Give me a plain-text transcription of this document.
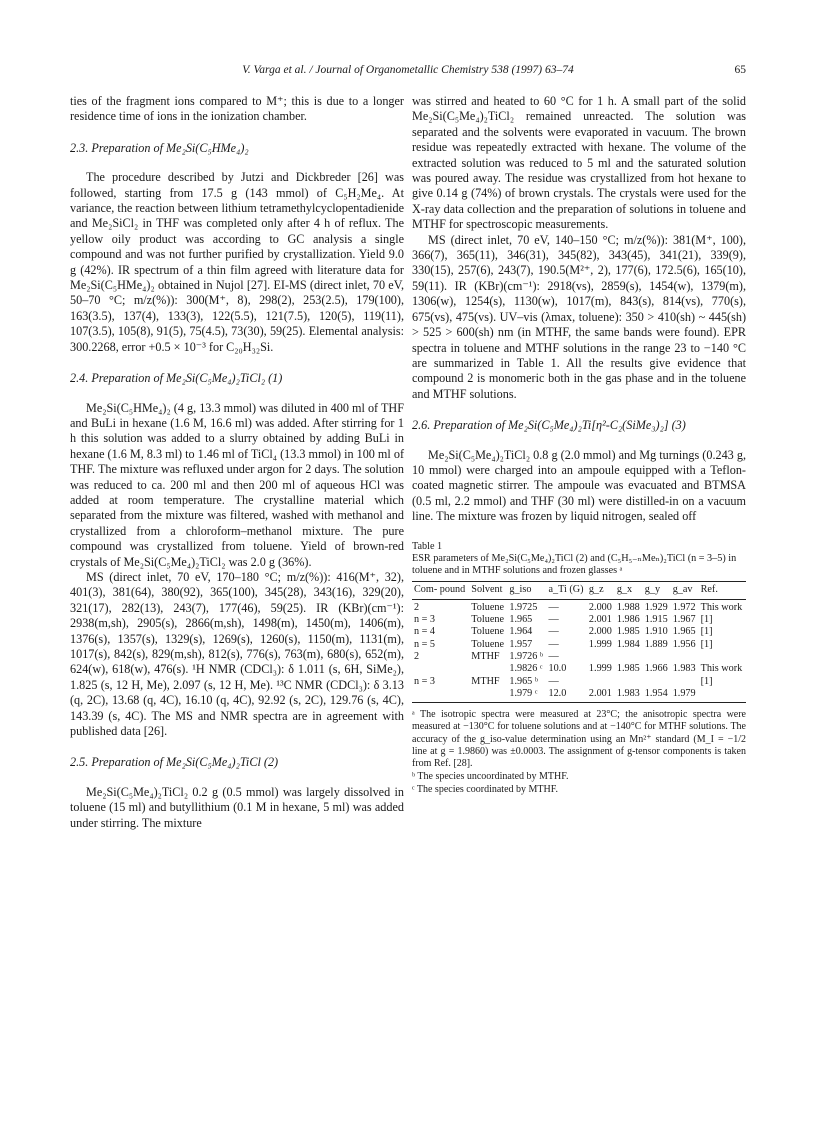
V. Varga et al. / Journal of Organometallic Chemistry 538 (1997) 63–74	65

ties of the fragment ions compared to M⁺; this is due to a longer residence time of ions in the ionization chamber.

2.3. Preparation of Me₂Si(C₅HMe₄)₂

The procedure described by Jutzi and Dickbreder [26] was followed, starting from 17.5 g (143 mmol) of C₅H₂Me₄. At variance, the reaction between lithium tetramethylcyclopentadienide and Me₂SiCl₂ in THF was completed only after 4 h of reflux. The yellow oily product was according to GC analysis a single compound and was not further purified by crystallization. Yield 9.0 g (42%). IR spectrum of a thin film agreed with literature data for Me₂Si(C₅HMe₄)₂ obtained in Nujol [27]. EI-MS (direct inlet, 70 eV, 50–70 °C; m/z(%)): 300(M⁺, 8), 298(2), 253(2.5), 179(100), 163(3.5), 137(4), 133(3), 122(5.5), 121(7.5), 120(5), 119(11), 107(3.5), 105(8), 91(5), 75(4.5), 73(30), 59(25). Elemental analysis: 300.2268, error +0.5 × 10⁻³ for C₂₀H₃₂Si.

2.4. Preparation of Me₂Si(C₅Me₄)₂TiCl₂ (1)

Me₂Si(C₅HMe₄)₂ (4 g, 13.3 mmol) was diluted in 400 ml of THF and BuLi in hexane (1.6 M, 16.6 ml) was added. After stirring for 1 h this solution was added to a slurry obtained by adding BuLi in hexane (1.6 M, 8.3 ml) to 1.46 ml of TiCl₄ (13.3 mmol) in 100 ml of THF. The mixture was refluxed under argon for 2 days. The solution was reduced to ca. 200 ml and then 200 ml of aqueous HCl was added at room temperature. The crystalline material which separated from the mixture was filtered, washed with methanol and crystallized from a chloroform–methanol mixture. The pure compound was crystallized from toluene. Yield of brown-red crystals of Me₂Si(C₅Me₄)₂TiCl₂ was 2.0 g (36%).

MS (direct inlet, 70 eV, 170–180 °C; m/z(%)): 416(M⁺, 32), 401(3), 381(64), 380(92), 365(100), 345(28), 343(16), 329(20), 321(17), 282(13), 243(7), 177(46), 59(25). IR (KBr)(cm⁻¹): 2938(m,sh), 2905(s), 2866(m,sh), 1498(m), 1450(m), 1406(m), 1376(s), 1357(s), 1329(s), 1269(s), 1260(s), 1150(m), 1131(m), 1017(s), 842(s), 829(m,sh), 812(s), 776(s), 763(m), 680(s), 652(m), 624(w), 618(w), 476(s). ¹H NMR (CDCl₃): δ 1.011 (s, 6H, SiMe₂), 1.825 (s, 12 H, Me), 2.097 (s, 12 H, Me). ¹³C NMR (CDCl₃): δ 3.13 (q, 2C), 13.68 (q, 4C), 16.10 (q, 4C), 92.92 (s, 2C), 129.76 (s, 4C), 143.39 (s, 4C). The MS and NMR spectra are in agreement with published data [26].

2.5. Preparation of Me₂Si(C₅Me₄)₂TiCl (2)

Me₂Si(C₅Me₄)₂TiCl₂ 0.2 g (0.5 mmol) was largely dissolved in toluene (15 ml) and butyllithium (0.1 M in hexane, 5 ml) was added under stirring. The mixture

was stirred and heated to 60 °C for 1 h. A small part of the solid Me₂Si(C₅Me₄)₂TiCl₂ remained unreacted. The solution was separated and the solvents were evaporated in vacuum. The brown residue was repeatedly extracted with hexane. The volume of the extracted solution was reduced to 5 ml and the saturated solution was poured away. The residue was crystallized from hot hexane to give 0.14 g (74%) of brown crystals. The crystals were used for the X-ray data collection and the preparation of solutions in toluene and MTHF for spectroscopic measurements.

MS (direct inlet, 70 eV, 140–150 °C; m/z(%)): 381(M⁺, 100), 366(7), 365(11), 346(31), 345(82), 343(45), 341(21), 339(9), 330(15), 257(6), 243(7), 190.5(M²⁺, 2), 177(6), 172.5(6), 165(10), 59(11). IR (KBr)(cm⁻¹): 2918(vs), 2859(s), 1454(w), 1379(m), 1306(w), 1254(s), 1130(w), 1017(m), 843(s), 814(vs), 770(s), 675(vs), 475(vs). UV–vis (λmax, toluene): 350 > 410(sh) ~ 445(sh) > 525 > 600(sh) nm (in MTHF, the same bands were found). EPR spectra in toluene and MTHF solutions in the range 23 to −140 °C are summarized in Table 1. All the results give evidence that compound 2 is monomeric both in the gas phase and in the toluene and MTHF solutions.

2.6. Preparation of Me₂Si(C₅Me₄)₂Ti[η²-C₂(SiMe₃)₂] (3)

Me₂Si(C₅Me₄)₂TiCl₂ 0.8 g (2.0 mmol) and Mg turnings (0.243 g, 10 mmol) were charged into an ampoule equipped with a Teflon-coated magnetic stirrer. The ampoule was evacuated and BTMSA (0.5 ml, 2.2 mmol) and THF (30 ml) were distilled-in on a vacuum line. The mixture was frozen by liquid nitrogen, sealed off

Table 1
ESR parameters of Me₂Si(C₅Me₄)₂TiCl (2) and (C₅H₅₋ₙMeₙ)₂TiCl (n = 3–5) in toluene and in MTHF solutions and frozen glasses ᵃ
Com- pound	Solvent	g_iso	a_Ti (G)	g_z	g_x	g_y	g_av	Ref.
2	Toluene	1.9725	—	2.000	1.988	1.929	1.972	This work
n = 3	Toluene	1.965	—	2.001	1.986	1.915	1.967	[1]
n = 4	Toluene	1.964	—	2.000	1.985	1.910	1.965	[1]
n = 5	Toluene	1.957	—	1.999	1.984	1.889	1.956	[1]
2	MTHF	1.9726 ᵇ	—					
		1.9826 ᶜ	10.0	1.999	1.985	1.966	1.983	This work
n = 3	MTHF	1.965 ᵇ	—					[1]
		1.979 ᶜ	12.0	2.001	1.983	1.954	1.979	
ᵃ The isotropic spectra were measured at 23°C; the anisotropic spectra were measured at −130°C for toluene solutions and at −140°C for MTHF solutions. The accuracy of the g_iso-value determination using an Mn²⁺ standard (M_I = −1/2 line at g = 1.9860) was ±0.0003. The assignment of g-tensor components is taken from Ref. [28].
ᵇ The species uncoordinated by MTHF.
ᶜ The species coordinated by MTHF.
